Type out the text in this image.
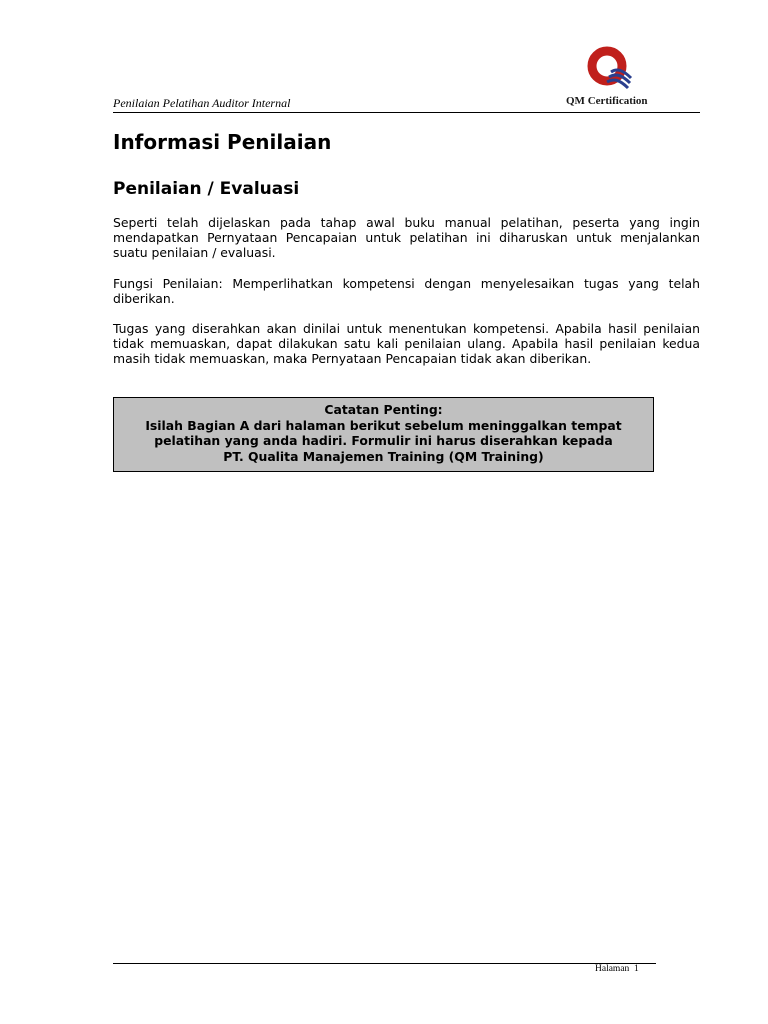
Penilaian Pelatihan Auditor Internal	QM Certification
Informasi Penilaian
Penilaian / Evaluasi

Seperti telah dijelaskan pada tahap awal buku manual pelatihan, peserta yang ingin mendapatkan Pernyataan Pencapaian untuk pelatihan ini diharuskan untuk menjalankan suatu penilaian / evaluasi.

Fungsi Penilaian: Memperlihatkan kompetensi dengan menyelesaikan tugas yang telah diberikan.

Tugas yang diserahkan akan dinilai untuk menentukan kompetensi. Apabila hasil penilaian tidak memuaskan, dapat dilakukan satu kali penilaian ulang. Apabila hasil penilaian kedua masih tidak memuaskan, maka Pernyataan Pencapaian tidak akan diberikan.

Catatan Penting:
Isilah Bagian A dari halaman berikut sebelum meninggalkan tempat
pelatihan yang anda hadiri. Formulir ini harus diserahkan kepada
PT. Qualita Manajemen Training (QM Training)
Halaman 1
